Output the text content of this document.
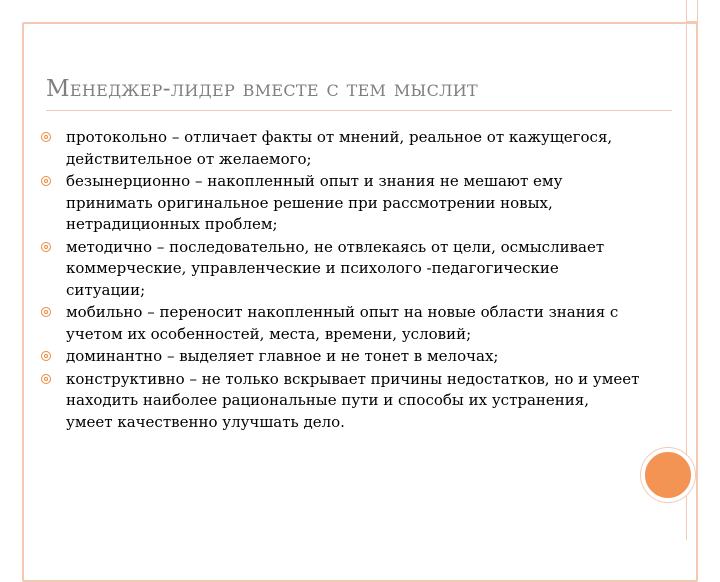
Менеджер-лидер вместе с тем мыслит
протокольно – отличает факты от мнений, реальное от кажущегося, действительное от желаемого;
безынерционно – накопленный опыт и знания не мешают ему принимать оригинальное решение при рассмотрении новых, нетрадиционных проблем;
методично – последовательно, не отвлекаясь от цели, осмысливает коммерческие, управленческие и психолого -педагогические ситуации;
мобильно – переносит накопленный опыт на новые области знания с учетом их особенностей, места, времени, условий;
доминантно – выделяет главное и не тонет в мелочах;
конструктивно – не только вскрывает причины недостатков, но и умеет находить наиболее рациональные пути и способы их устранения, умеет качественно улучшать дело.
